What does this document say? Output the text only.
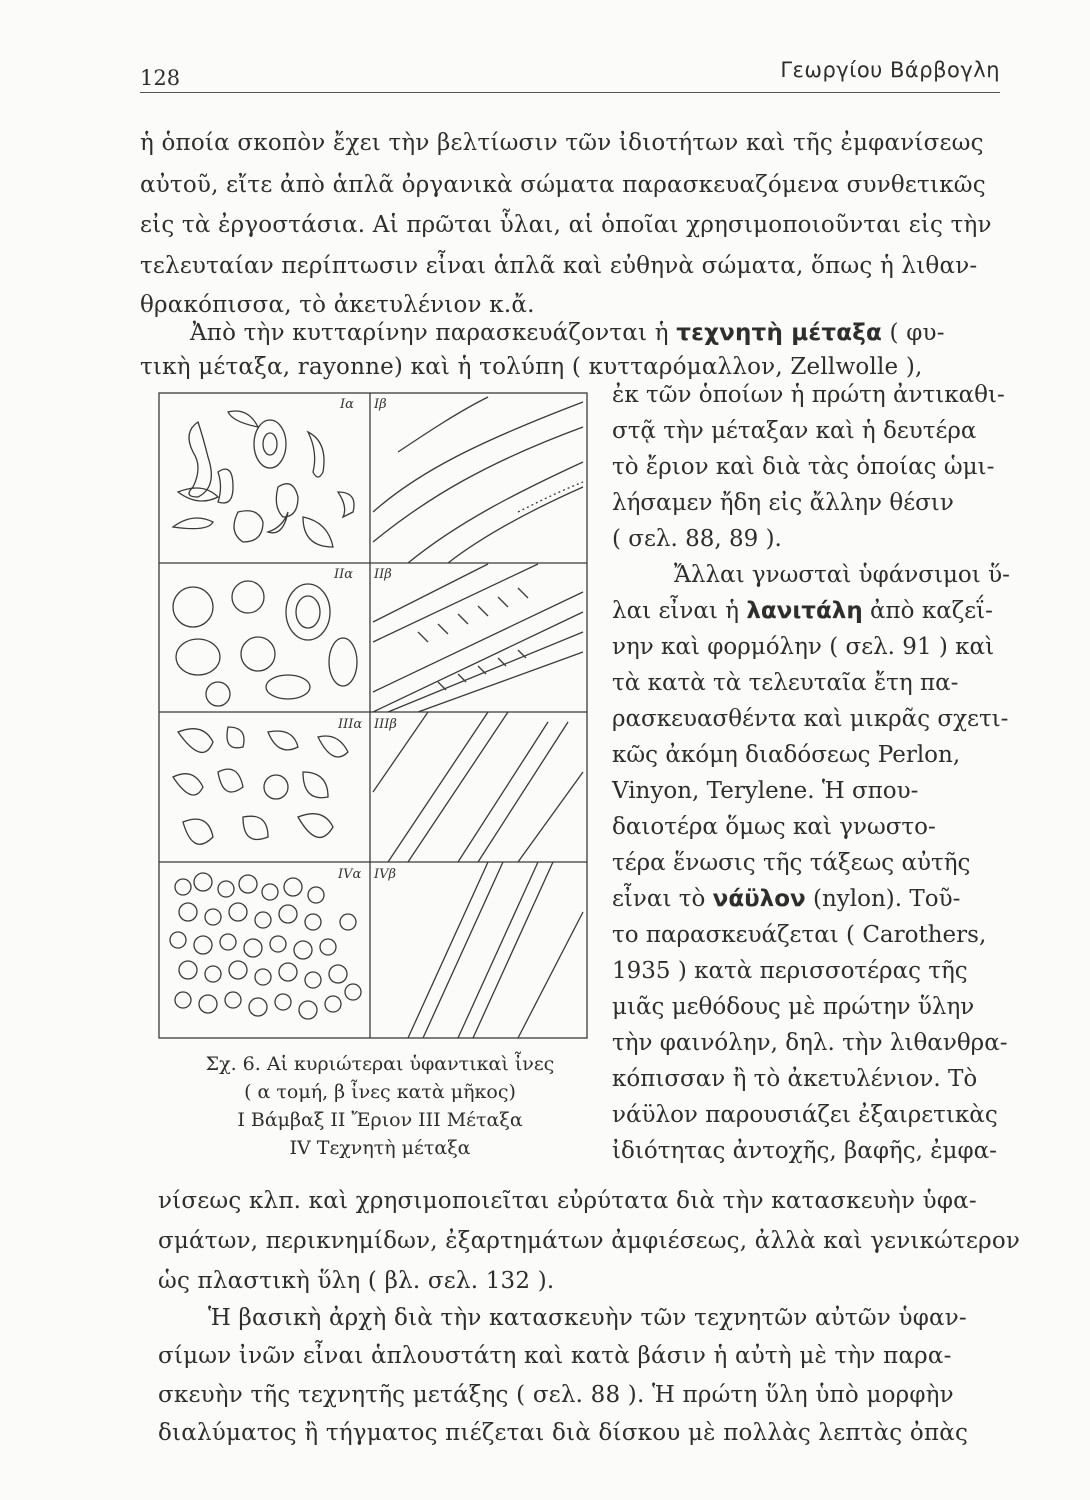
128	Γεωργίου Βάρβογλη
ἡ ὁποία σκοπὸν ἔχει τὴν βελτίωσιν τῶν ἰδιοτήτων καὶ τῆς ἐμφανίσεως
αὐτοῦ, εἴτε ἀπὸ ἁπλᾶ ὀργανικὰ σώματα παρασκευαζόμενα συνθετικῶς
εἰς τὰ ἐργοστάσια. Αἱ πρῶται ὗλαι, αἱ ὁποῖαι χρησιμοποιοῦνται εἰς τὴν
τελευταίαν περίπτωσιν εἶναι ἁπλᾶ καὶ εὐθηνὰ σώματα, ὅπως ἡ λιθαν-
θρακόπισσα, τὸ ἀκετυλένιον κ.ἄ.
Ἀπὸ τὴν κυτταρίνην παρασκευάζονται ἡ τεχνητὴ μέταξα ( φυ-
τικὴ μέταξα, rayonne) καὶ ἡ τολύπη ( κυτταρόμαλλον, Zellwolle ),
ἐκ τῶν ὁποίων ἡ πρώτη ἀντικαθι-
στᾷ τὴν μέταξαν καὶ ἡ δευτέρα
τὸ ἔριον καὶ διὰ τὰς ὁποίας ὡμι-
λήσαμεν ἤδη εἰς ἄλλην θέσιν
( σελ. 88, 89 ).
Ἄλλαι γνωσταὶ ὑφάνσιμοι ὕ-
λαι εἶναι ἡ λανιτάλη ἀπὸ καζεΐ-
νην καὶ φορμόλην ( σελ. 91 ) καὶ
τὰ κατὰ τὰ τελευταῖα ἔτη πα-
ρασκευασθέντα καὶ μικρᾶς σχετι-
κῶς ἀκόμη διαδόσεως Perlon,
Vinyon, Terylene. Ἡ σπου-
δαιοτέρα ὅμως καὶ γνωστο-
τέρα ἕνωσις τῆς τάξεως αὐτῆς
εἶναι τὸ νάϋλον (nylon). Τοῦ-
το παρασκευάζεται ( Carothers,
1935 ) κατὰ περισσοτέρας τῆς
μιᾶς μεθόδους μὲ πρώτην ὕλην
τὴν φαινόλην, δηλ. τὴν λιθανθρα-
κόπισσαν ἢ τὸ ἀκετυλένιον. Τὸ
νάϋλον παρουσιάζει ἐξαιρετικὰς
ἰδιότητας ἀντοχῆς, βαφῆς, ἐμφα-
Ια Ιβ
ΙΙα ΙΙβ
ΙΙΙα ΙΙΙβ
ΙVα ΙVβ
Σχ. 6. Αἱ κυριώτεραι ὑφαντικαὶ ἶνες
( α τομή, β ἶνες κατὰ μῆκος)
Ι Βάμβαξ ΙΙ Ἔριον ΙΙΙ Μέταξα
ΙV Τεχνητὴ μέταξα
νίσεως κλπ. καὶ χρησιμοποιεῖται εὐρύτατα διὰ τὴν κατασκευὴν ὑφα-
σμάτων, περικνημίδων, ἐξαρτημάτων ἀμφιέσεως, ἀλλὰ καὶ γενικώτερον
ὡς πλαστικὴ ὕλη ( βλ. σελ. 132 ).
Ἡ βασικὴ ἀρχὴ διὰ τὴν κατασκευὴν τῶν τεχνητῶν αὐτῶν ὑφαν-
σίμων ἰνῶν εἶναι ἁπλουστάτη καὶ κατὰ βάσιν ἡ αὐτὴ μὲ τὴν παρα-
σκευὴν τῆς τεχνητῆς μετάξης ( σελ. 88 ). Ἡ πρώτη ὕλη ὑπὸ μορφὴν
διαλύματος ἢ τήγματος πιέζεται διὰ δίσκου μὲ πολλὰς λεπτὰς ὀπὰς
